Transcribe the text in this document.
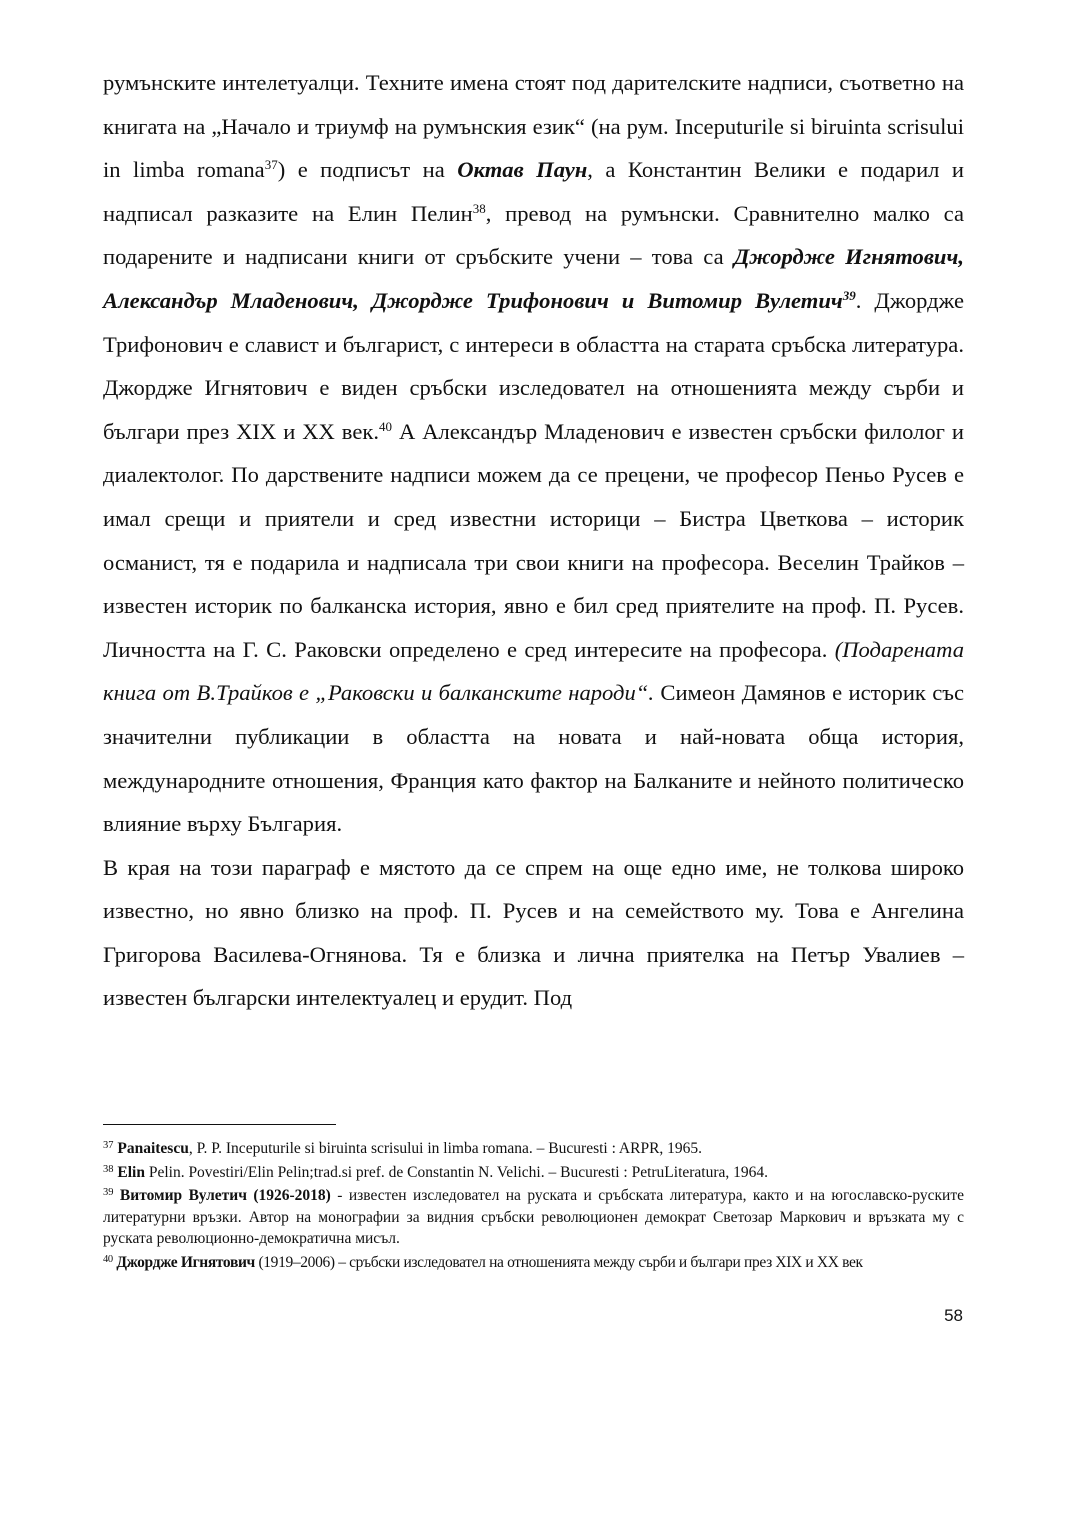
румънските интелетуалци. Техните имена стоят под дарителските надписи, съответно на книгата на „Начало и триумф на румънския език“ (на рум. Inceputurile si biruinta scrisului in limba romana$^{37}$) е подписът на Октав Паун, а Константин Велики е подарил и надписал разказите на Елин Пелин$^{38}$, превод на румънски. Сравнително малко са подарените и надписани книги от сръбските учени – това са Джордже Игнятович, Александър Младенович, Джордже Трифонович и Витомир Вулетич$^{39}$. Джордже Трифонович е славист и българист, с интереси в областта на старата сръбска литература. Джордже Игнятович е виден сръбски изследовател на отношенията между сърби и българи през XIX и XX век.$^{40}$ А Александър Младенович е известен сръбски филолог и диалектолог. По дарствените надписи можем да се прецени, че професор Пеньо Русев е имал срещи и приятели и сред известни историци – Бистра Цветкова – историк османист, тя е подарила и надписала три свои книги на професора. Веселин Трайков – известен историк по балканска история, явно е бил сред приятелите на проф. П. Русев. Личността на Г. С. Раковски определено е сред интересите на професора. (Подарената книга от В.Трайков е „Раковски и балканските народи“. Симеон Дамянов е историк със значителни публикации в областта на новата и най-новата обща история, международните отношения, Франция като фактор на Балканите и нейното политическо влияние върху България.

В края на този параграф е мястото да се спрем на още едно име, не толкова широко известно, но явно близко на проф. П. Русев и на семейството му. Това е Ангелина Григорова Василева-Огнянова. Тя е близка и лична приятелка на Петър Увалиев – известен български интелектуалец и ерудит. Под

$^{37}$ Panaitescu, P. P. Inceputurile si biruinta scrisului in limba romana. – Bucuresti : ARPR, 1965.

$^{38}$ Elin Pelin. Povestiri/Elin Pelin;trad.si pref. de Constantin N. Velichi. – Bucuresti : PetruLiteratura, 1964.

$^{39}$ Витомир Вулетич (1926-2018) - известен изследовател на руската и сръбската литература, както и на югославско-руските литературни връзки. Автор на монографии за видния сръбски революционен демократ Светозар Маркович и връзката му с руската революционно-демократична мисъл.

$^{40}$ Джордже Игнятович (1919–2006) – сръбски изследовател на отношенията между сърби и българи през XIX и XX век

58
